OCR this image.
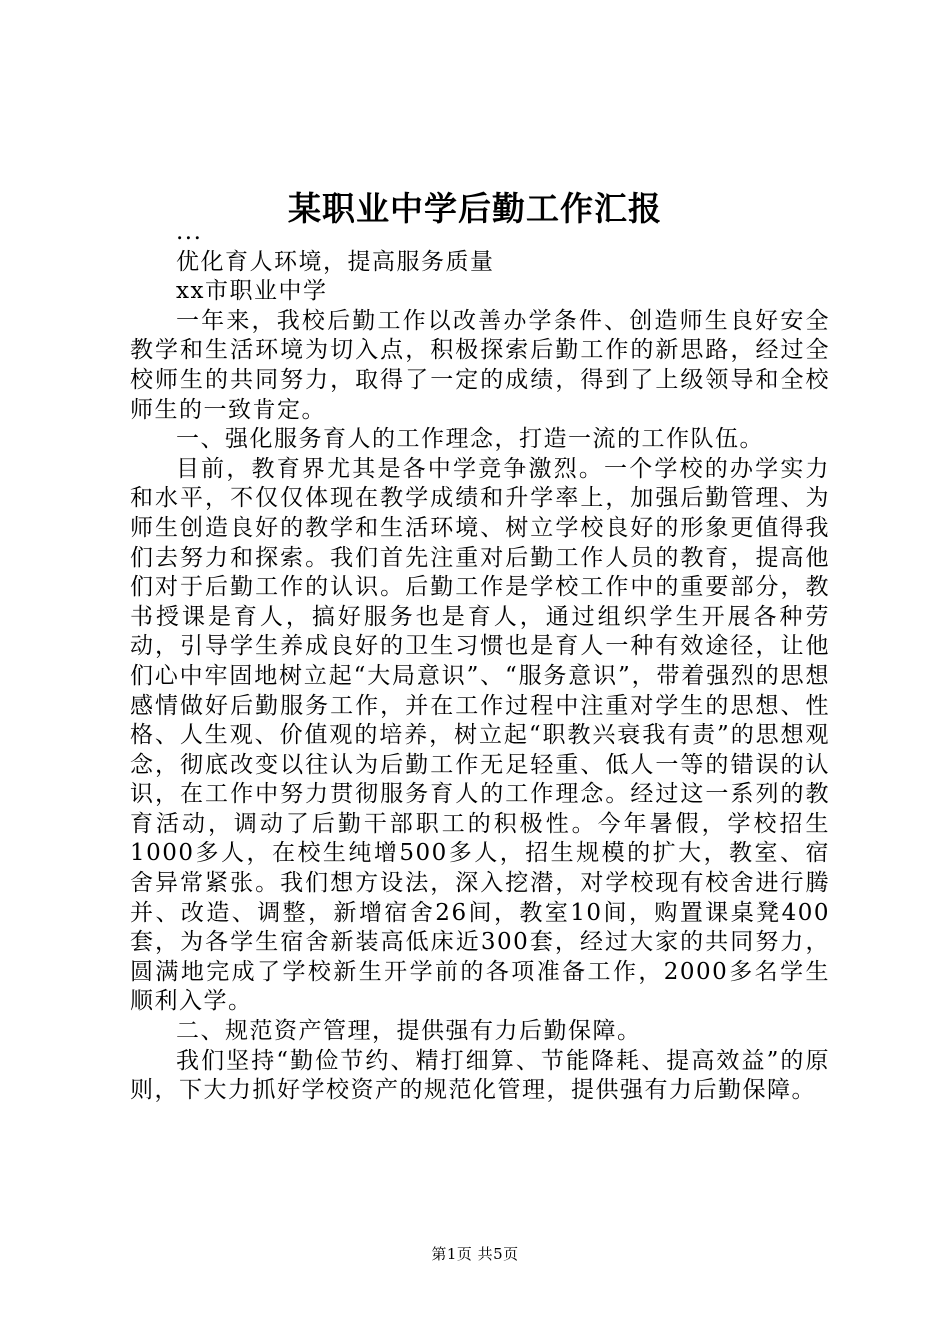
某职业中学后勤工作汇报

...

优化育人环境，提高服务质量

xx市职业中学

一年来，我校后勤工作以改善办学条件、创造师生良好安全教学和生活环境为切入点，积极探索后勤工作的新思路，经过全校师生的共同努力，取得了一定的成绩，得到了上级领导和全校师生的一致肯定。

一、强化服务育人的工作理念，打造一流的工作队伍。

目前，教育界尤其是各中学竞争激烈。一个学校的办学实力和水平，不仅仅体现在教学成绩和升学率上，加强后勤管理、为师生创造良好的教学和生活环境、树立学校良好的形象更值得我们去努力和探索。我们首先注重对后勤工作人员的教育，提高他们对于后勤工作的认识。后勤工作是学校工作中的重要部分，教书授课是育人，搞好服务也是育人，通过组织学生开展各种劳动，引导学生养成良好的卫生习惯也是育人一种有效途径，让他们心中牢固地树立起“大局意识”、“服务意识”，带着强烈的思想感情做好后勤服务工作，并在工作过程中注重对学生的思想、性格、人生观、价值观的培养，树立起“职教兴衰我有责”的思想观念，彻底改变以往认为后勤工作无足轻重、低人一等的错误的认识，在工作中努力贯彻服务育人的工作理念。经过这一系列的教育活动，调动了后勤干部职工的积极性。今年暑假，学校招生1000多人，在校生纯增500多人，招生规模的扩大，教室、宿舍异常紧张。我们想方设法，深入挖潜，对学校现有校舍进行腾并、改造、调整，新增宿舍26间，教室10间，购置课桌凳400套，为各学生宿舍新装高低床近300套，经过大家的共同努力，圆满地完成了学校新生开学前的各项准备工作，2000多名学生顺利入学。

二、规范资产管理，提供强有力后勤保障。

我们坚持“勤俭节约、精打细算、节能降耗、提高效益”的原则，下大力抓好学校资产的规范化管理，提供强有力后勤保障。

第1页 共5页
